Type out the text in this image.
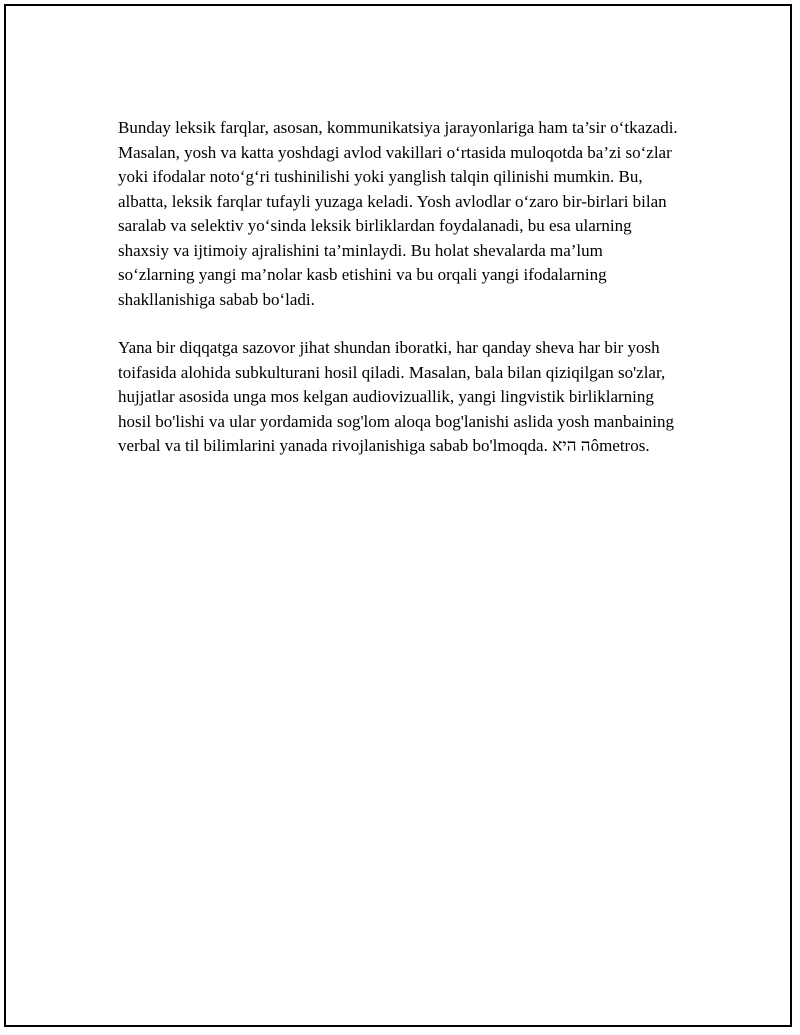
Bunday leksik farqlar, asosan, kommunikatsiya jarayonlariga ham ta’sir o‘tkazadi. Masalan, yosh va katta yoshdagi avlod vakillari o‘rtasida muloqotda ba’zi so‘zlar yoki ifodalar noto‘g‘ri tushinilishi yoki yanglish talqin qilinishi mumkin. Bu, albatta, leksik farqlar tufayli yuzaga keladi. Yosh avlodlar o‘zaro bir-birlari bilan saralab va selektiv yo‘sinda leksik birliklardan foydalanadi, bu esa ularning shaxsiy va ijtimoiy ajralishini ta’minlaydi. Bu holat shevalarda ma’lum so‘zlarning yangi ma’nolar kasb etishini va bu orqali yangi ifodalarning shakllanishiga sabab bo‘ladi.

Yana bir diqqatga sazovor jihat shundan iboratki, har qanday sheva har bir yosh toifasida alohida subkulturani hosil qiladi. Masalan, bala bilan qiziqilgan so'zlar, hujjatlar asosida unga mos kelgan audiovizuallik, yangi lingvistik birliklarning hosil bo'lishi va ular yordamida sog'lom aloqa bog'lanishi aslida yosh manbaining verbal va til bilimlarini yanada rivojlanishiga sabab bo'lmoqda. ה היאômetros.
